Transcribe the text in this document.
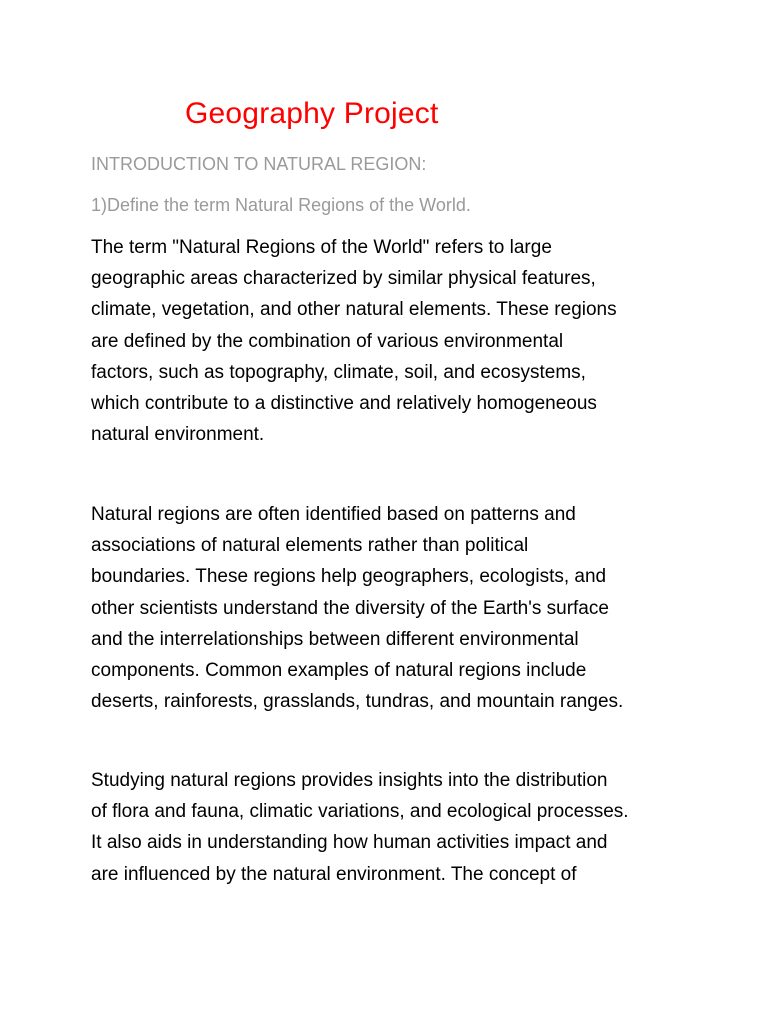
Geography Project

INTRODUCTION TO NATURAL REGION:

1)Define the term Natural Regions of the World.

The term "Natural Regions of the World" refers to large
geographic areas characterized by similar physical features,
climate, vegetation, and other natural elements. These regions
are defined by the combination of various environmental
factors, such as topography, climate, soil, and ecosystems,
which contribute to a distinctive and relatively homogeneous
natural environment.

Natural regions are often identified based on patterns and
associations of natural elements rather than political
boundaries. These regions help geographers, ecologists, and
other scientists understand the diversity of the Earth's surface
and the interrelationships between different environmental
components. Common examples of natural regions include
deserts, rainforests, grasslands, tundras, and mountain ranges.

Studying natural regions provides insights into the distribution
of flora and fauna, climatic variations, and ecological processes.
It also aids in understanding how human activities impact and
are influenced by the natural environment. The concept of
